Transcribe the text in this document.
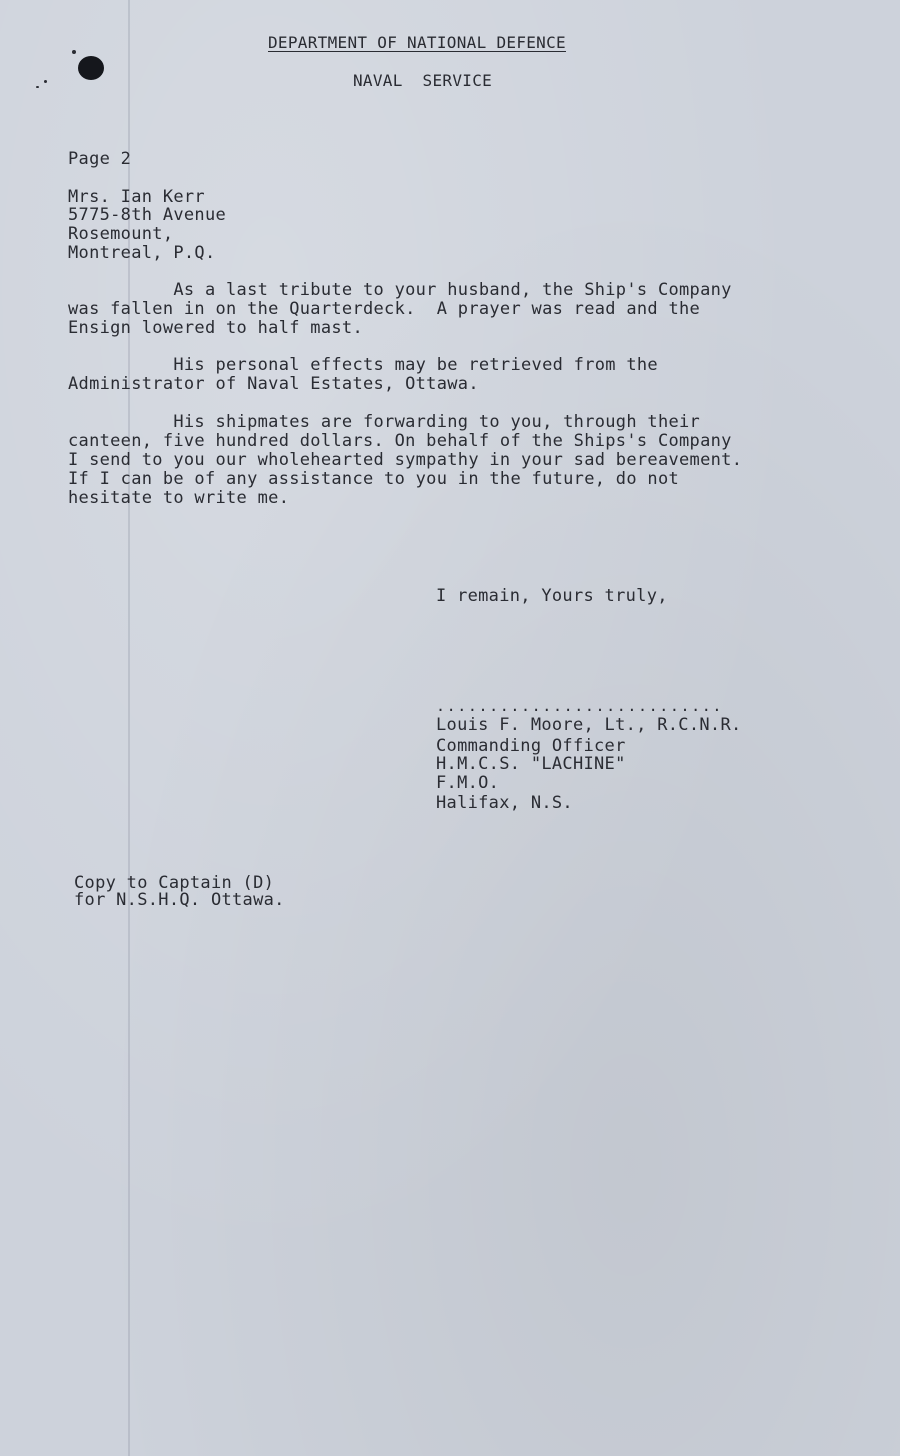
DEPARTMENT OF NATIONAL DEFENCE

NAVAL  SERVICE

Page 2

Mrs. Ian Kerr

5775-8th Avenue

Rosemount,

Montreal, P.Q.

As a last tribute to your husband, the Ship's Company
was fallen in on the Quarterdeck.  A prayer was read and the
Ensign lowered to half mast.

His personal effects may be retrieved from the
Administrator of Naval Estates, Ottawa.

His shipmates are forwarding to you, through their
canteen, five hundred dollars. On behalf of the Ships's Company
I send to you our wholehearted sympathy in your sad bereavement.
If I can be of any assistance to you in the future, do not
hesitate to write me.

I remain, Yours truly,

...........................

Louis F. Moore, Lt., R.C.N.R.

Commanding Officer

H.M.C.S. "LACHINE"

F.M.O.

Halifax, N.S.

Copy to Captain (D)

for N.S.H.Q. Ottawa.
